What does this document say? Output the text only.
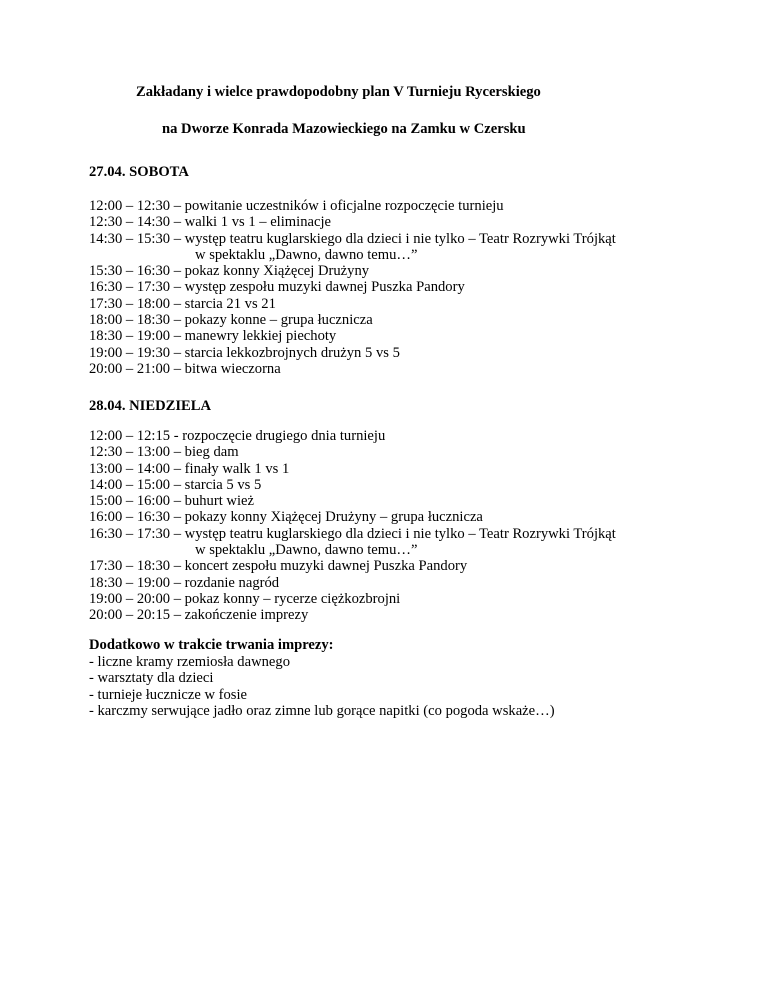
Zakładany i wielce prawdopodobny plan V Turnieju Rycerskiego
na Dworze Konrada Mazowieckiego na Zamku w Czersku
27.04. SOBOTA
12:00 – 12:30 – powitanie uczestników i oficjalne rozpoczęcie turnieju
12:30 – 14:30 – walki 1 vs 1 – eliminacje
14:30 – 15:30 – występ teatru kuglarskiego dla dzieci i nie tylko – Teatr Rozrywki Trójkąt
w spektaklu „Dawno, dawno temu…”
15:30 – 16:30 – pokaz konny Xiążęcej Drużyny
16:30 – 17:30 – występ zespołu muzyki dawnej Puszka Pandory
17:30 – 18:00 – starcia 21 vs 21
18:00 – 18:30 – pokazy konne – grupa łucznicza
18:30 – 19:00 – manewry lekkiej piechoty
19:00 – 19:30 – starcia lekkozbrojnych drużyn 5 vs 5
20:00 – 21:00 – bitwa wieczorna
28.04. NIEDZIELA
12:00 – 12:15 - rozpoczęcie drugiego dnia turnieju
12:30 – 13:00 – bieg dam
13:00 – 14:00 – finały walk 1 vs 1
14:00 – 15:00 – starcia 5 vs 5
15:00 – 16:00 – buhurt wież
16:00 – 16:30 – pokazy konny Xiążęcej Drużyny – grupa łucznicza
16:30 – 17:30 – występ teatru kuglarskiego dla dzieci i nie tylko – Teatr Rozrywki Trójkąt
w spektaklu „Dawno, dawno temu…”
17:30 – 18:30 – koncert zespołu muzyki dawnej Puszka Pandory
18:30 – 19:00 – rozdanie nagród
19:00 – 20:00 – pokaz konny – rycerze ciężkozbrojni
20:00 – 20:15 – zakończenie imprezy
Dodatkowo w trakcie trwania imprezy:
- liczne kramy rzemiosła dawnego
- warsztaty dla dzieci
- turnieje łucznicze w fosie
- karczmy serwujące jadło oraz zimne lub gorące napitki (co pogoda wskaże…)
